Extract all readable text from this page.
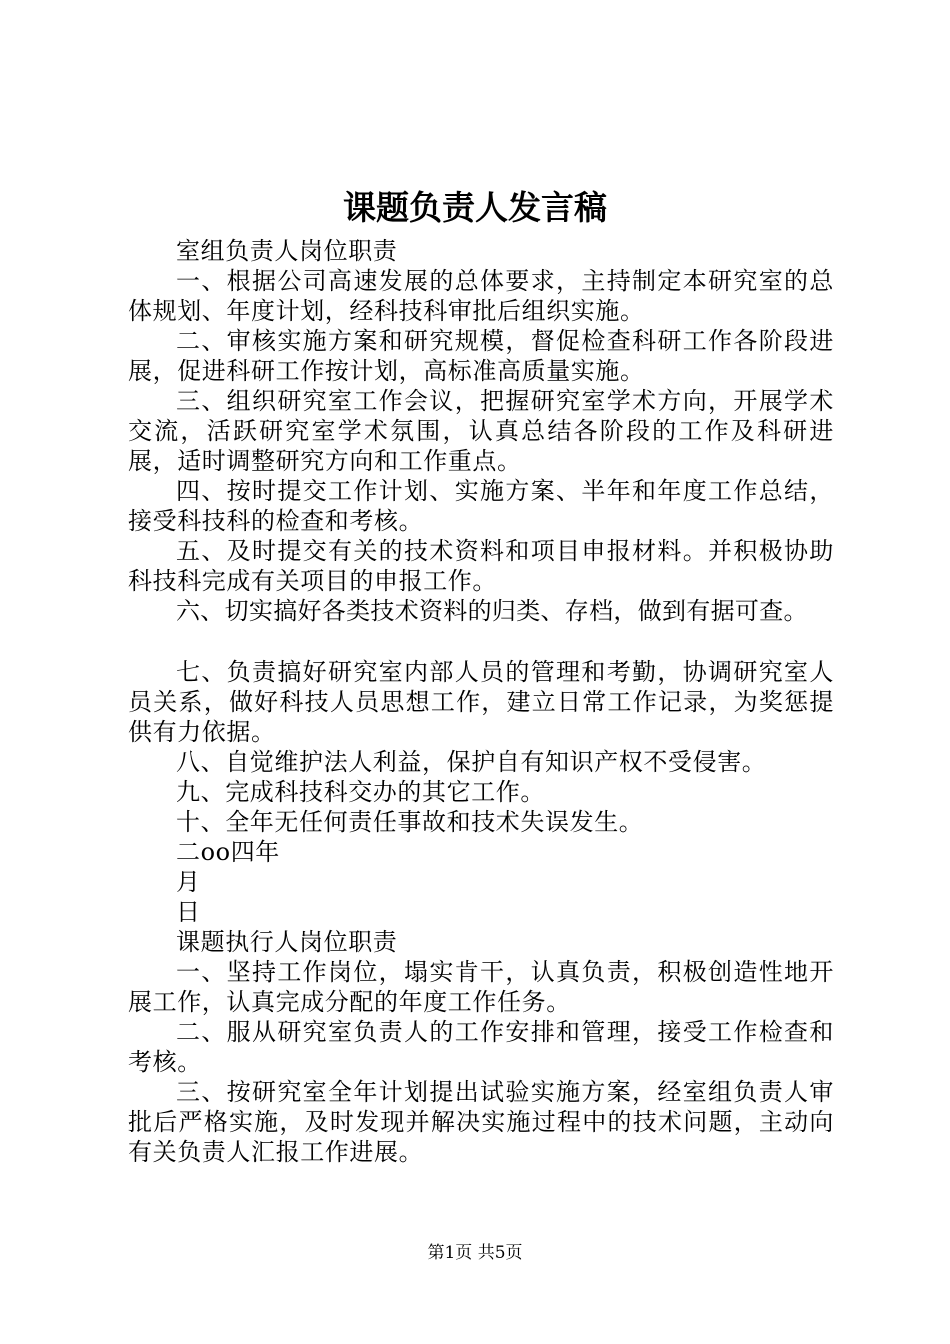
课题负责人发言稿

室组负责人岗位职责

一、根据公司高速发展的总体要求，主持制定本研究室的总体规划、年度计划，经科技科审批后组织实施。

二、审核实施方案和研究规模，督促检查科研工作各阶段进展，促进科研工作按计划，高标准高质量实施。

三、组织研究室工作会议，把握研究室学术方向，开展学术交流，活跃研究室学术氛围，认真总结各阶段的工作及科研进展，适时调整研究方向和工作重点。

四、按时提交工作计划、实施方案、半年和年度工作总结，接受科技科的检查和考核。

五、及时提交有关的技术资料和项目申报材料。并积极协助科技科完成有关项目的申报工作。

六、切实搞好各类技术资料的归类、存档，做到有据可查。

七、负责搞好研究室内部人员的管理和考勤，协调研究室人员关系，做好科技人员思想工作，建立日常工作记录，为奖惩提供有力依据。

八、自觉维护法人利益，保护自有知识产权不受侵害。

九、完成科技科交办的其它工作。

十、全年无任何责任事故和技术失误发生。

二oo四年

月

日

课题执行人岗位职责

一、坚持工作岗位，塌实肯干，认真负责，积极创造性地开展工作，认真完成分配的年度工作任务。

二、服从研究室负责人的工作安排和管理，接受工作检查和考核。

三、按研究室全年计划提出试验实施方案，经室组负责人审批后严格实施，及时发现并解决实施过程中的技术问题，主动向有关负责人汇报工作进展。

第1页 共5页
